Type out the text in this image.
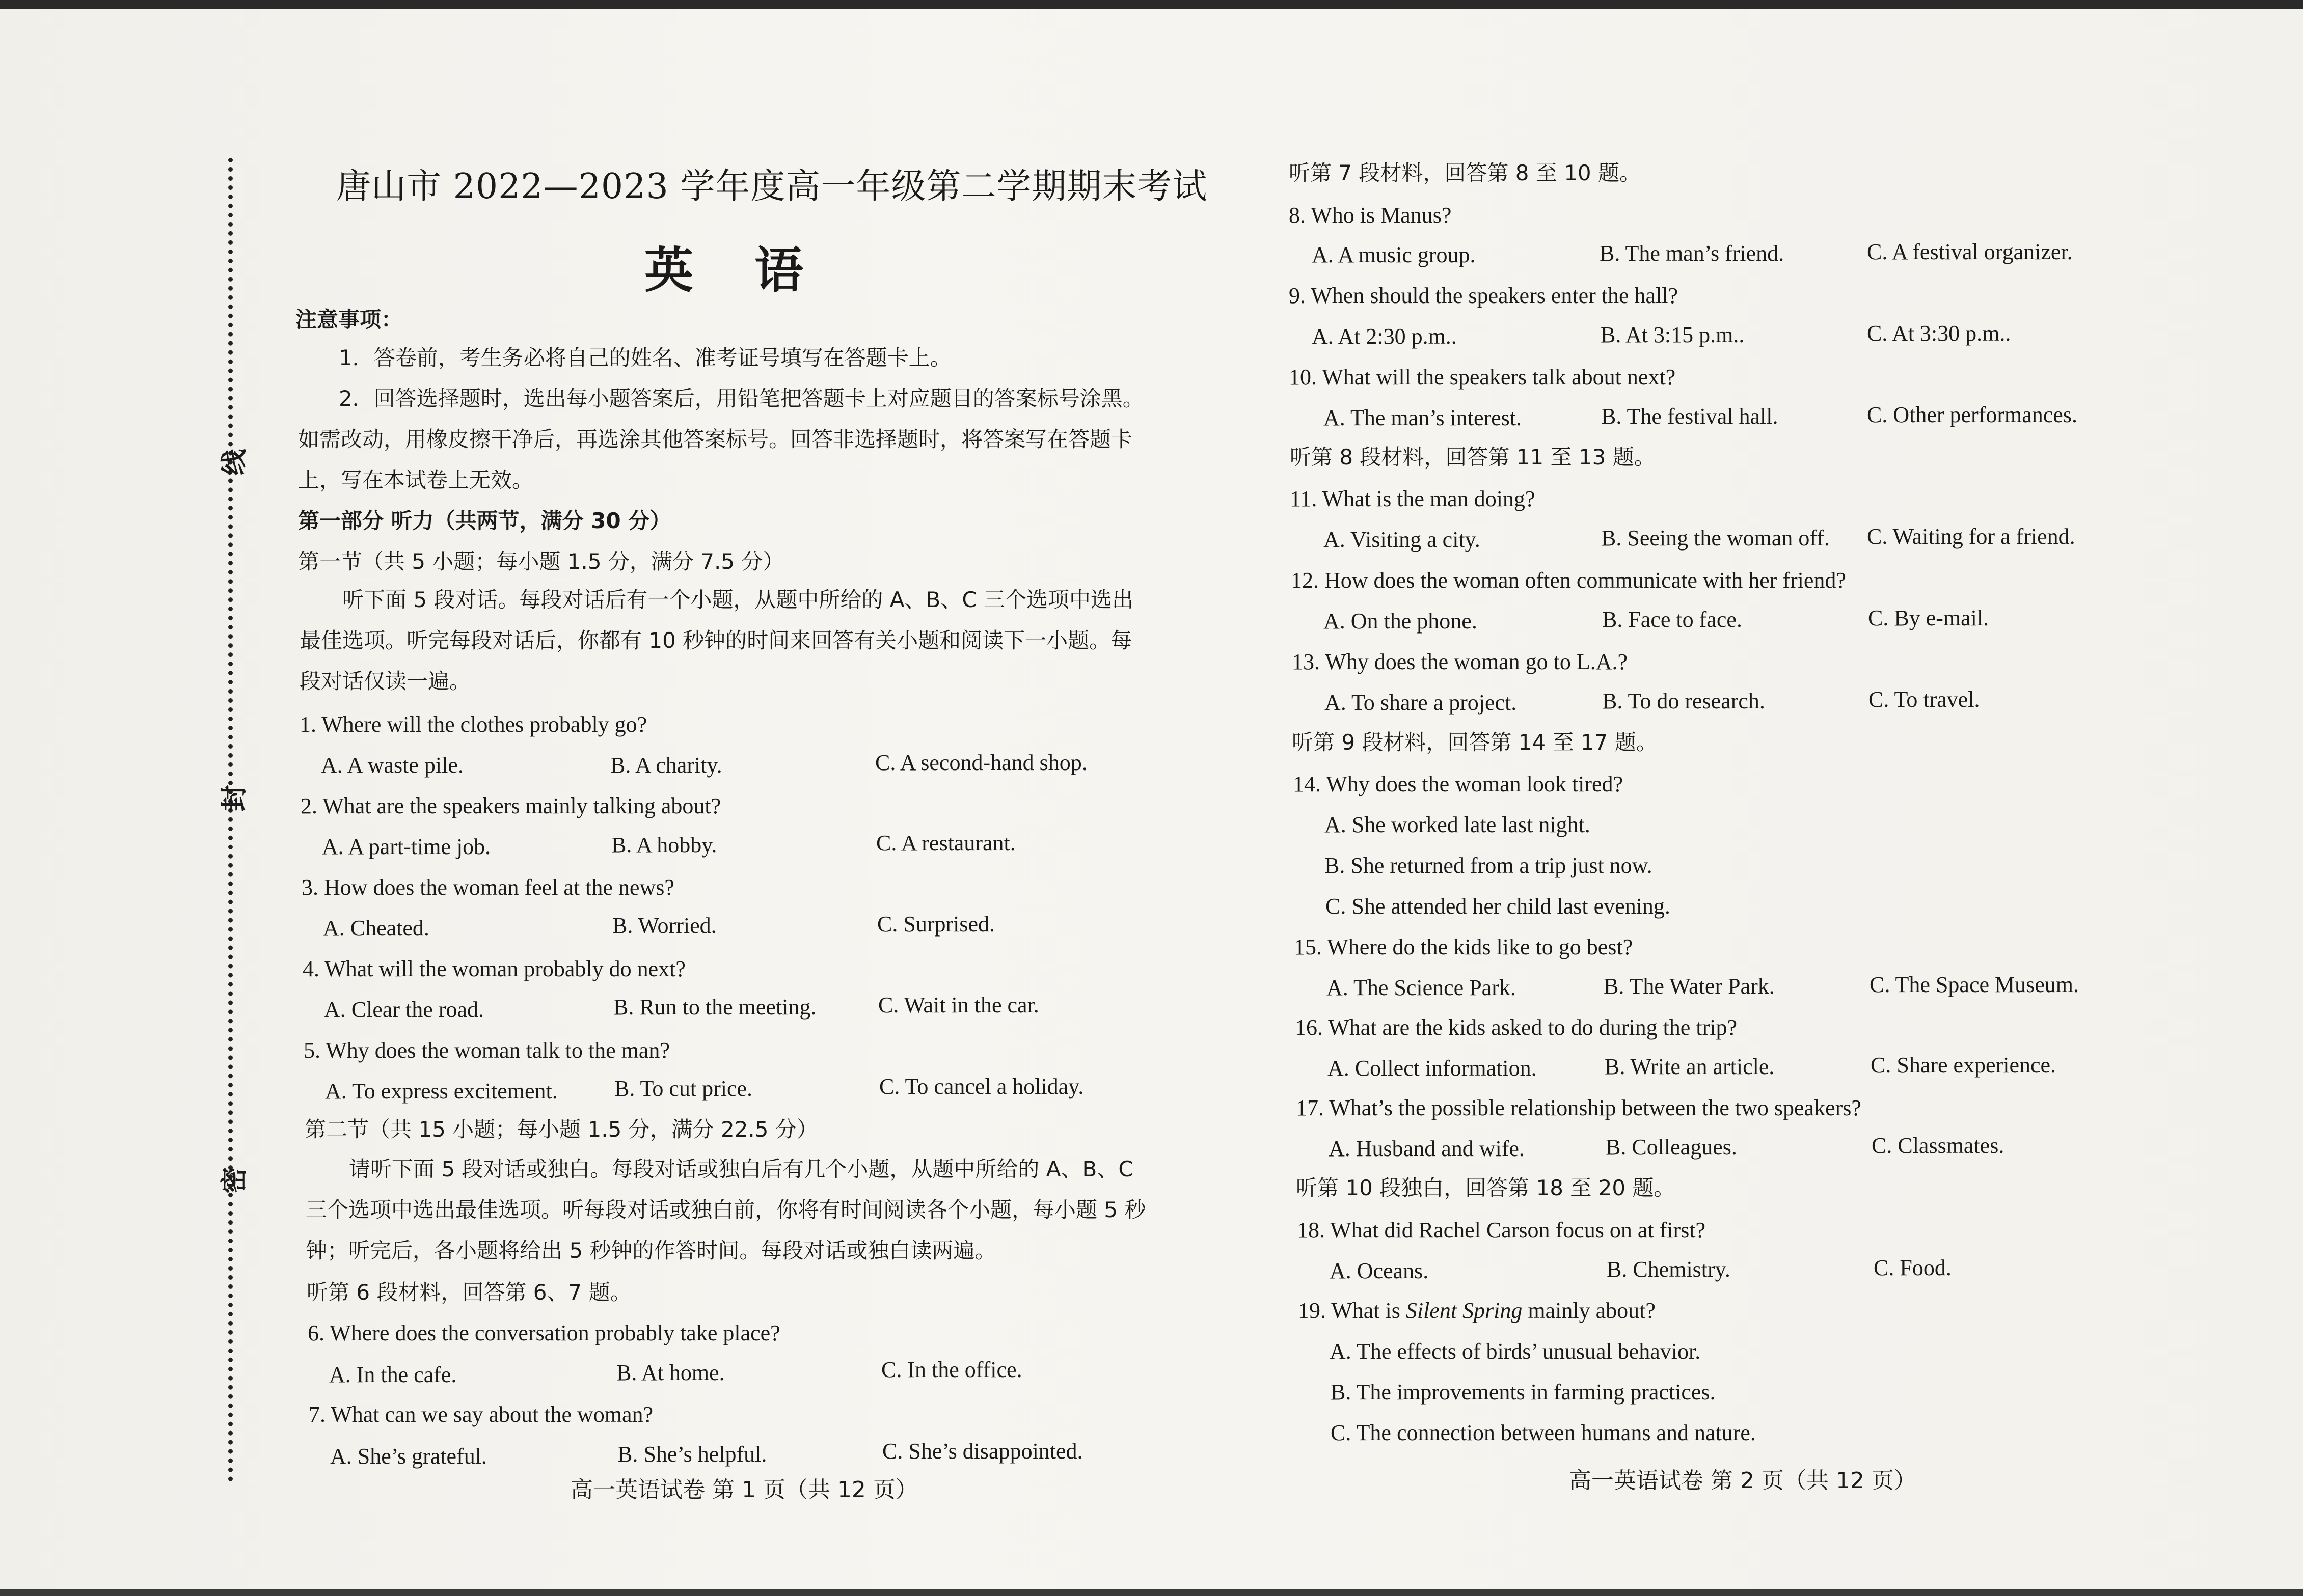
线
封
密
唐山市 2022—2023 学年度高一年级第二学期期末考试
英语
注意事项：
1．答卷前，考生务必将自己的姓名、准考证号填写在答题卡上。
2．回答选择题时，选出每小题答案后，用铅笔把答题卡上对应题目的答案标号涂黑。
如需改动，用橡皮擦干净后，再选涂其他答案标号。回答非选择题时，将答案写在答题卡
上，写在本试卷上无效。
第一部分 听力（共两节，满分 30 分）
第一节（共 5 小题；每小题 1.5 分，满分 7.5 分）
听下面 5 段对话。每段对话后有一个小题，从题中所给的 A、B、C 三个选项中选出
最佳选项。听完每段对话后，你都有 10 秒钟的时间来回答有关小题和阅读下一小题。每
段对话仅读一遍。
1. Where will the clothes probably go?
A. A waste pile.	B. A charity.	C. A second-hand shop.
2. What are the speakers mainly talking about?
A. A part-time job.	B. A hobby.	C. A restaurant.
3. How does the woman feel at the news?
A. Cheated.	B. Worried.	C. Surprised.
4. What will the woman probably do next?
A. Clear the road.	B. Run to the meeting.	C. Wait in the car.
5. Why does the woman talk to the man?
A. To express excitement.	B. To cut price.	C. To cancel a holiday.
第二节（共 15 小题；每小题 1.5 分，满分 22.5 分）
请听下面 5 段对话或独白。每段对话或独白后有几个小题，从题中所给的 A、B、C
三个选项中选出最佳选项。听每段对话或独白前，你将有时间阅读各个小题，每小题 5 秒
钟；听完后，各小题将给出 5 秒钟的作答时间。每段对话或独白读两遍。
听第 6 段材料，回答第 6、7 题。
6. Where does the conversation probably take place?
A. In the cafe.	B. At home.	C. In the office.
7. What can we say about the woman?
A. She’s grateful.	B. She’s helpful.	C. She’s disappointed.
高一英语试卷 第 1 页（共 12 页）
听第 7 段材料，回答第 8 至 10 题。
8. Who is Manus?
A. A music group.	B. The man’s friend.	C. A festival organizer.
9. When should the speakers enter the hall?
A. At 2:30 p.m..	B. At 3:15 p.m..	C. At 3:30 p.m..
10. What will the speakers talk about next?
A. The man’s interest.	B. The festival hall.	C. Other performances.
听第 8 段材料，回答第 11 至 13 题。
11. What is the man doing?
A. Visiting a city.	B. Seeing the woman off. C. Waiting for a friend.
12. How does the woman often communicate with her friend?
A. On the phone.	B. Face to face.	C. By e-mail.
13. Why does the woman go to L.A.?
A. To share a project.	B. To do research.	C. To travel.
听第 9 段材料，回答第 14 至 17 题。
14. Why does the woman look tired?
A. She worked late last night.
B. She returned from a trip just now.
C. She attended her child last evening.
15. Where do the kids like to go best?
A. The Science Park.	B. The Water Park.	C. The Space Museum.
16. What are the kids asked to do during the trip?
A. Collect information.	B. Write an article.	C. Share experience.
17. What’s the possible relationship between the two speakers?
A. Husband and wife.	B. Colleagues.	C. Classmates.
听第 10 段独白，回答第 18 至 20 题。
18. What did Rachel Carson focus on at first?
A. Oceans.	B. Chemistry.	C. Food.
19. What is Silent Spring mainly about?
A. The effects of birds’ unusual behavior.
B. The improvements in farming practices.
C. The connection between humans and nature.
高一英语试卷 第 2 页（共 12 页）
